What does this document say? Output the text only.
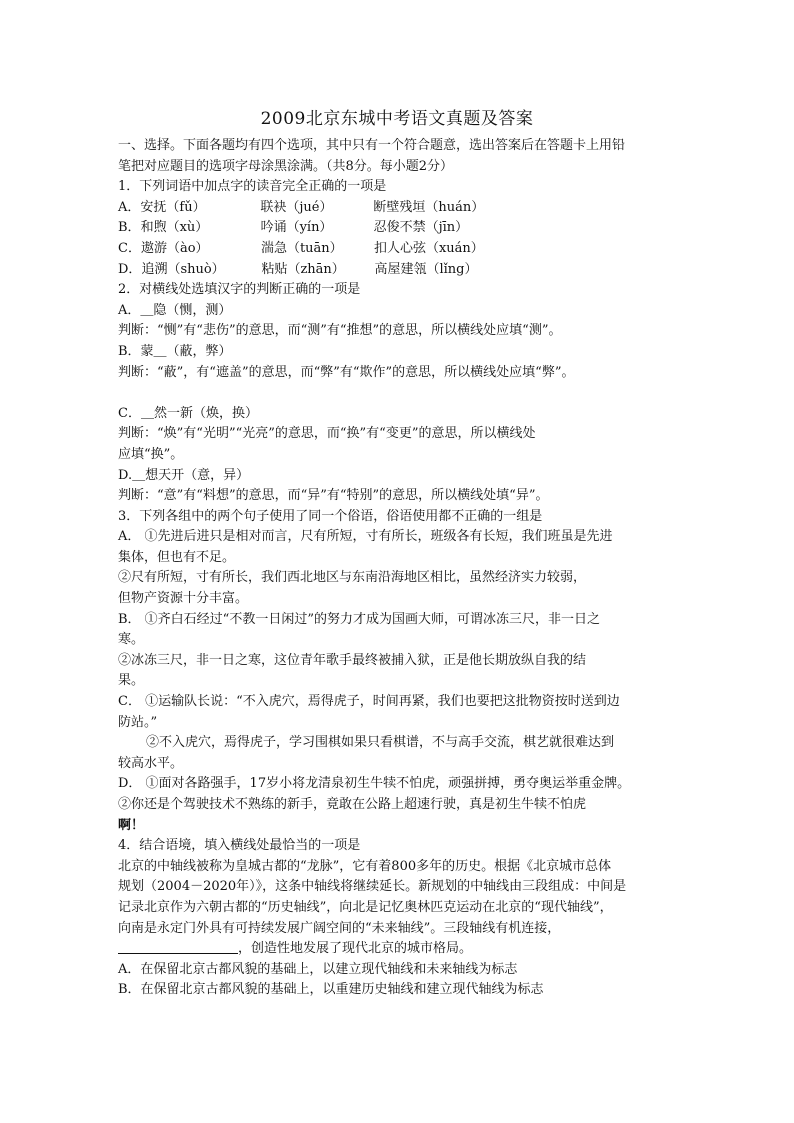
2009北京东城中考语文真题及答案
一、选择。下面各题均有四个选项，其中只有一个符合题意，选出答案后在答题卡上用铅
笔把对应题目的选项字母涂黑涂满。（共8分。每小题2分）
1．下列词语中加点字的读音完全正确的一项是
A．安抚（fǔ）	联袂（jué）	断壁残垣（huán）
B．和煦（xù）	吟诵（yín）	忍俊不禁（jīn）
C．遨游（ào）	湍急（tuān） 扣人心弦（xuán）
D．追溯（shuò）	粘贴（zhān） 高屋建瓴（lǐng）
2．对横线处选填汉字的判断正确的一项是
A．＿隐（恻，测）
判断：“恻”有“悲伤”的意思，而“测”有“推想”的意思，所以横线处应填“测”。
B．蒙＿（蔽，弊）
判断：“蔽”，有“遮盖”的意思，而“弊”有“欺作”的意思，所以横线处应填“弊”。
C．＿然一新（焕，换）
判断：“焕”有“光明”“光亮”的意思，而“换”有“变更”的意思，所以横线处
应填“换”。
D.＿想天开（意，异）
判断：“意”有“料想”的意思，而“异”有“特别”的意思，所以横线处填“异”。
3．下列各组中的两个句子使用了同一个俗语，俗语使用都不正确的一组是
A． ①先进后进只是相对而言，尺有所短，寸有所长，班级各有长短，我们班虽是先进
集体，但也有不足。
②尺有所短，寸有所长，我们西北地区与东南沿海地区相比，虽然经济实力较弱，
但物产资源十分丰富。
B． ①齐白石经过“不教一日闲过”的努力才成为国画大师，可谓冰冻三尺，非一日之
寒。
②冰冻三尺，非一日之寒，这位青年歌手最终被捕入狱，正是他长期放纵自我的结
果。
C． ①运输队长说：“不入虎穴，焉得虎子，时间再紧，我们也要把这批物资按时送到边
防站。”
②不入虎穴，焉得虎子，学习围棋如果只看棋谱，不与高手交流，棋艺就很难达到
较高水平。
D． ①面对各路强手，17岁小将龙清泉初生牛犊不怕虎，顽强拼搏，勇夺奥运举重金牌。
②你还是个驾驶技术不熟练的新手，竟敢在公路上超速行驶，真是初生牛犊不怕虎
啊！
4．结合语境，填入横线处最恰当的一项是
北京的中轴线被称为皇城古都的“龙脉”，它有着800多年的历史。根据《北京城市总体
规划（2004－2020年）》，这条中轴线将继续延长。新规划的中轴线由三段组成：中间是
记录北京作为六朝古都的“历史轴线”，向北是记忆奥林匹克运动在北京的“现代轴线”，
向南是永定门外具有可持续发展广阔空间的“未来轴线”。三段轴线有机连接，
，创造性地发展了现代北京的城市格局。
A．在保留北京古都风貌的基础上，以建立现代轴线和未来轴线为标志
B．在保留北京古都风貌的基础上，以重建历史轴线和建立现代轴线为标志
